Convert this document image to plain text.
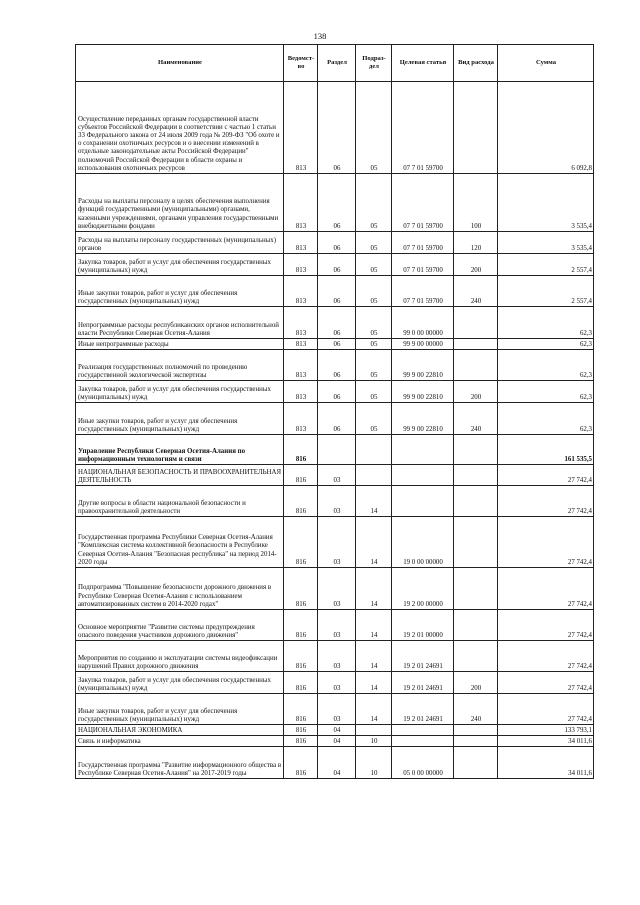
138
Наименование	Ведомст-во	Раздел	Подраз-дел	Целевая статья	Вид расхода	Сумма
Осуществление переданных органам государственной власти субъектов Российской Федерации в соответствии с частью 1 статьи 33 Федерального закона от 24 июля 2009 года № 209-ФЗ "Об охоте и о сохранении охотничьих ресурсов и о внесении изменений в отдельные законодательные акты Российской Федерации" полномочий Российской Федерации в области охраны и использования охотничьих ресурсов	813	06	05	07 7 01 59700		6 092,8
Расходы на выплаты персоналу в целях обеспечения выполнения функций государственными (муниципальными) органами, казенными учреждениями, органами управления государственными внебюджетными фондами	813	06	05	07 7 01 59700	100	3 535,4
Расходы на выплаты персоналу государственных (муниципальных) органов	813	06	05	07 7 01 59700	120	3 535,4
Закупка товаров, работ и услуг для обеспечения государственных (муниципальных) нужд	813	06	05	07 7 01 59700	200	2 557,4
Иные закупки товаров, работ и услуг для обеспечения государственных (муниципальных) нужд	813	06	05	07 7 01 59700	240	2 557,4
Непрограммные расходы республиканских органов исполнительной власти Республики Северная Осетия-Алания	813	06	05	99 0 00 00000		62,3
Иные непрограммные расходы	813	06	05	99 9 00 00000		62,3
Реализация государственных полномочий по проведению государственной экологической экспертизы	813	06	05	99 9 00 22810		62,3
Закупка товаров, работ и услуг для обеспечения государственных (муниципальных) нужд	813	06	05	99 9 00 22810	200	62,3
Иные закупки товаров, работ и услуг для обеспечения государственных (муниципальных) нужд	813	06	05	99 9 00 22810	240	62,3
Управление Республики Северная Осетия-Алания по информационным технологиям и связи	816					161 535,5
НАЦИОНАЛЬНАЯ БЕЗОПАСНОСТЬ И ПРАВООХРАНИТЕЛЬНАЯ ДЕЯТЕЛЬНОСТЬ	816	03				27 742,4
Другие вопросы в области национальной безопасности и правоохранительной деятельности	816	03	14			27 742,4
Государственная программа Республики Северная Осетия-Алания "Комплексная система коллективной безопасности в Республике Северная Осетия-Алания "Безопасная республика" на период 2014-2020 годы	816	03	14	19 0 00 00000		27 742,4
Подпрограмма "Повышение безопасности дорожного движения в Республике Северная Осетия-Алания с использованием автоматизированных систем в 2014-2020 годах"	816	03	14	19 2 00 00000		27 742,4
Основное мероприятие "Развитие системы предупреждения опасного поведения участников дорожного движения"	816	03	14	19 2 01 00000		27 742,4
Мероприятия по созданию и эксплуатации системы видеофиксации нарушений Правил дорожного движения	816	03	14	19 2 01 24691		27 742,4
Закупка товаров, работ и услуг для обеспечения государственных (муниципальных) нужд	816	03	14	19 2 01 24691	200	27 742,4
Иные закупки товаров, работ и услуг для обеспечения государственных (муниципальных) нужд	816	03	14	19 2 01 24691	240	27 742,4
НАЦИОНАЛЬНАЯ ЭКОНОМИКА	816	04				133 793,1
Связь и информатика	816	04	10			34 011,6
Государственная программа "Развитие информационного общества в Республике Северная Осетия-Алания" на 2017-2019 годы	816	04	10	05 0 00 00000		34 011,6
